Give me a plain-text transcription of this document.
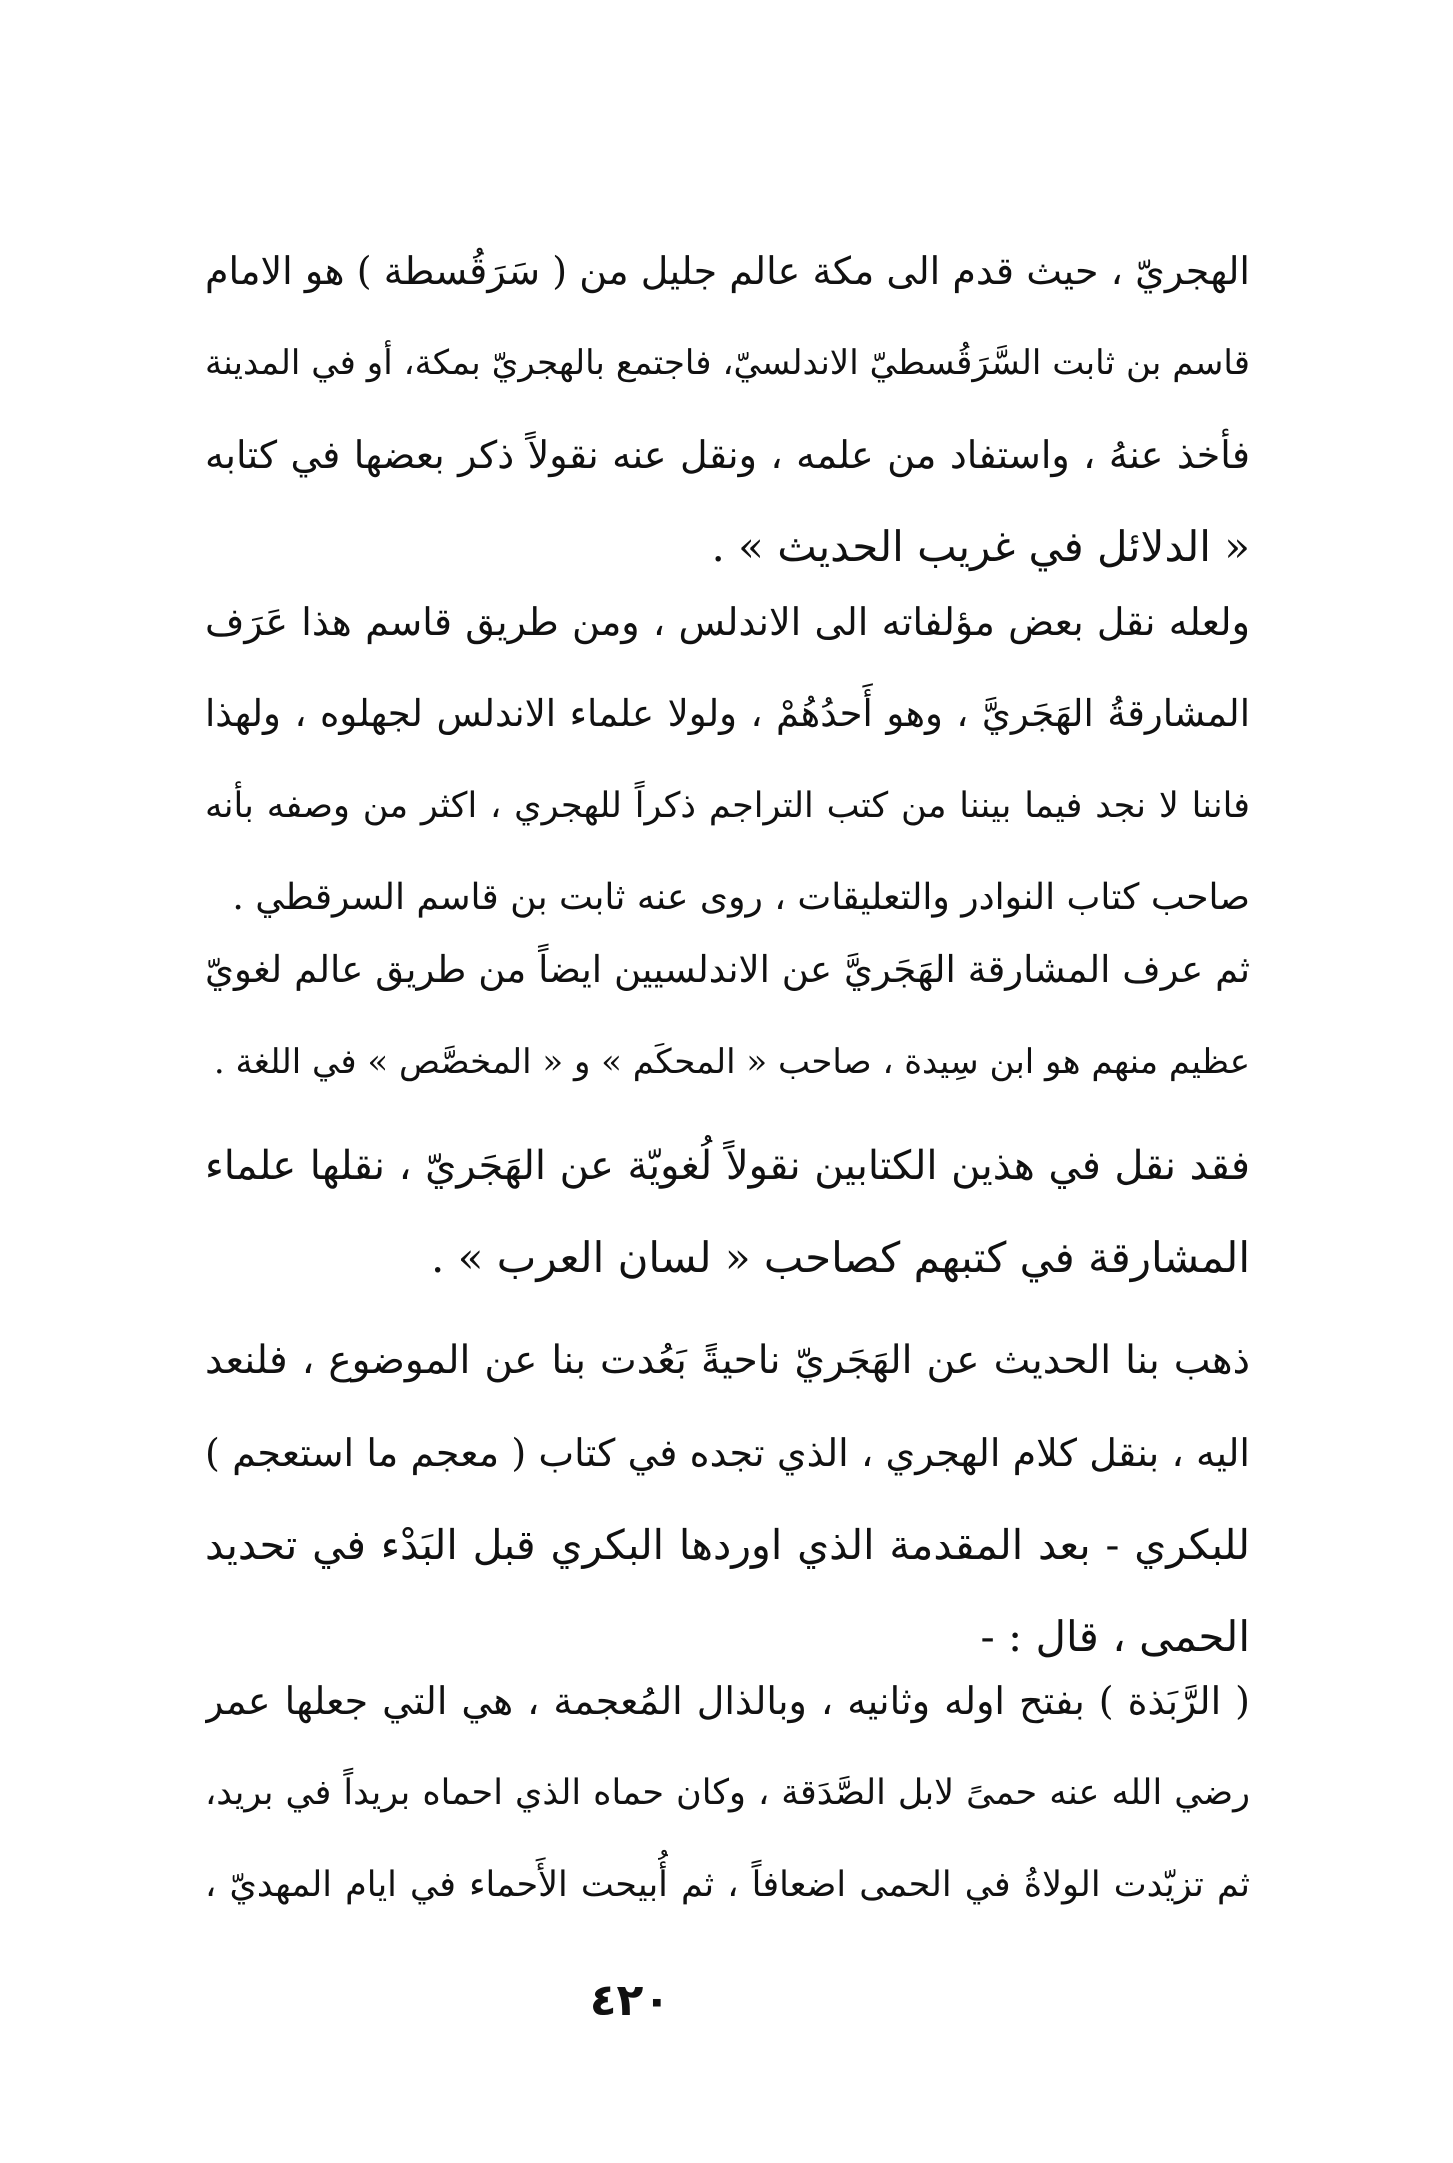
الهجريّ ، حيث قدم الى مكة عالم جليل من ( سَرَقُسطة ) هو الامام
قاسم بن ثابت السَّرَقُسطيّ الاندلسيّ، فاجتمع بالهجريّ بمكة، أو في المدينة
فأخذ عنهُ ، واستفاد من علمه ، ونقل عنه نقولاً ذكر بعضها في كتابه
« الدلائل في غريب الحديث » .
ولعله نقل بعض مؤلفاته الى الاندلس ، ومن طريق قاسم هذا عَرَف
المشارقةُ الهَجَريَّ ، وهو أَحدُهُمْ ، ولولا علماء الاندلس لجهلوه ، ولهذا
فاننا لا نجد فيما بيننا من كتب التراجم ذكراً للهجري ، اكثر من وصفه بأنه
صاحب كتاب النوادر والتعليقات ، روى عنه ثابت بن قاسم السرقطي .
ثم عرف المشارقة الهَجَريَّ عن الاندلسيين ايضاً من طريق عالم لغويّ
عظيم منهم هو ابن سِيدة ، صاحب « المحكَم » و « المخصَّص » في اللغة .
فقد نقل في هذين الكتابين نقولاً لُغويّة عن الهَجَريّ ، نقلها علماء
المشارقة في كتبهم كصاحب « لسان العرب » .
ذهب بنا الحديث عن الهَجَريّ ناحيةً بَعُدت بنا عن الموضوع ، فلنعد
اليه ، بنقل كلام الهجري ، الذي تجده في كتاب ( معجم ما استعجم )
للبكري - بعد المقدمة الذي اوردها البكري قبل البَدْء في تحديد
الحمى ، قال : -
( الرَّبَذة ) بفتح اوله وثانيه ، وبالذال المُعجمة ، هي التي جعلها عمر
رضي الله عنه حمىً لابل الصَّدَقة ، وكان حماه الذي احماه بريداً في بريد،
ثم تزيّدت الولاةُ في الحمى اضعافاً ، ثم أُبيحت الأَحماء في ايام المهديّ ،
٤٢٠
